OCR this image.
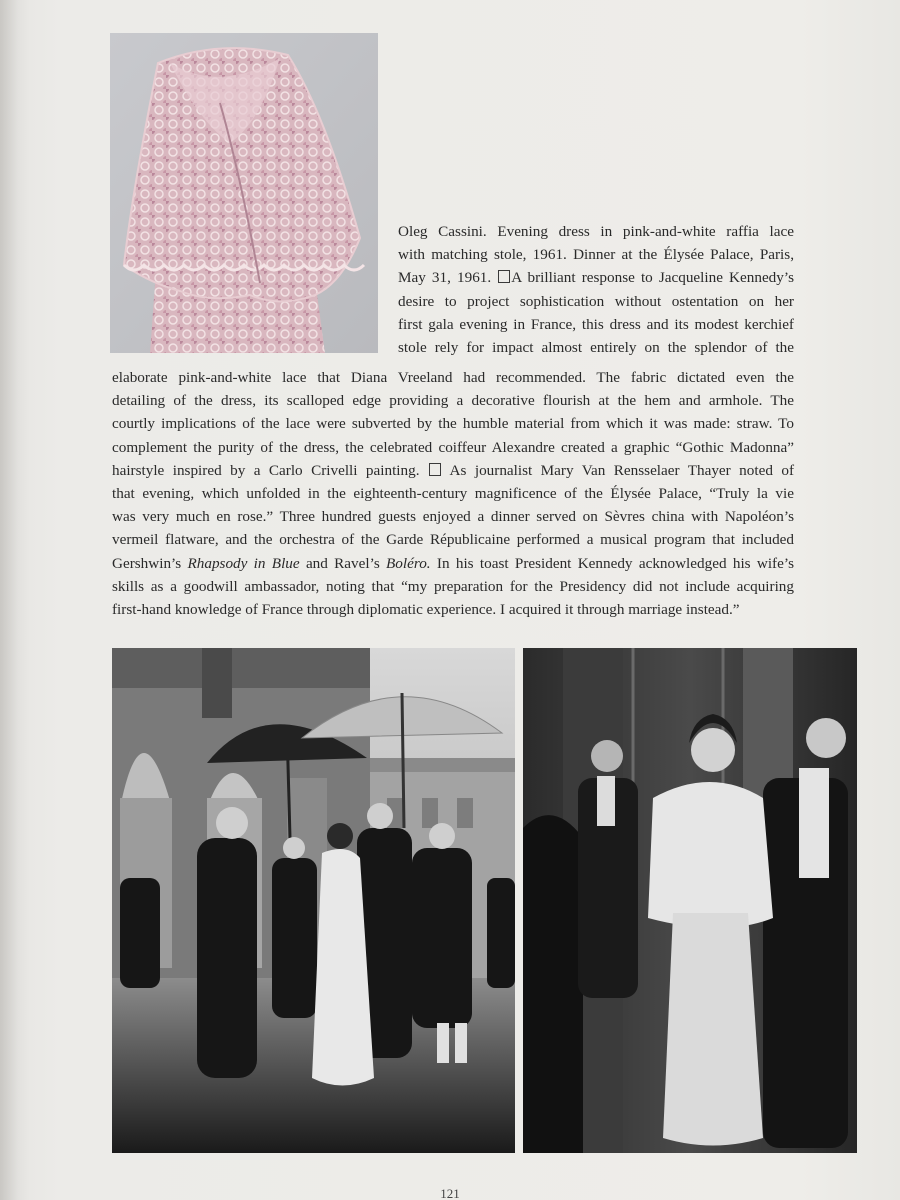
Oleg Cassini. Evening dress in pink-and-white raffia lace
with matching stole, 1961. Dinner at the Élysée Palace, Paris,
May 31, 1961. A brilliant response to Jacqueline Kennedy’s
desire to project sophistication without ostentation on her
first gala evening in France, this dress and its modest kerchief
stole rely for impact almost entirely on the splendor of the
elaborate pink-and-white lace that Diana Vreeland had recommended. The fabric dictated even the
detailing of the dress, its scalloped edge providing a decorative flourish at the hem and armhole. The
courtly implications of the lace were subverted by the humble material from which it was made: straw. To
complement the purity of the dress, the celebrated coiffeur Alexandre created a graphic “Gothic Madonna”
hairstyle inspired by a Carlo Crivelli painting.  As journalist Mary Van Rensselaer Thayer noted of
that evening, which unfolded in the eighteenth-century magnificence of the Élysée Palace, “Truly la vie
was very much en rose.” Three hundred guests enjoyed a dinner served on Sèvres china with Napoléon’s
vermeil flatware, and the orchestra of the Garde Républicaine performed a musical program that included
Gershwin’s Rhapsody in Blue and Ravel’s Boléro. In his toast President Kennedy acknowledged his wife’s
skills as a goodwill ambassador, noting that “my preparation for the Presidency did not include acquiring
first-hand knowledge of France through diplomatic experience. I acquired it through marriage instead.”
121
